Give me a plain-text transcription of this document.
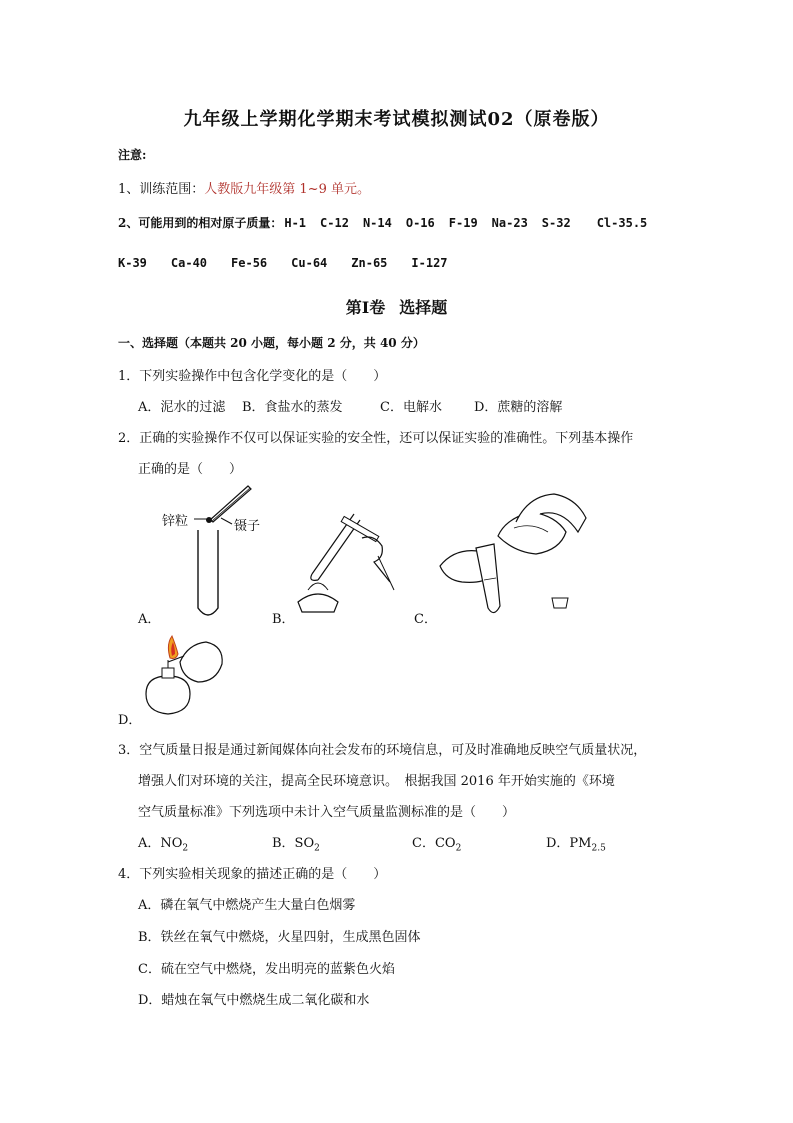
九年级上学期化学期末考试模拟测试02（原卷版）
注意:
1、训练范围：人教版九年级第 1~9 单元。
2、可能用到的相对原子质量： H-1 C-12 N-14 O-16 F-19 Na-23 S-32 Cl-35.5
K-39 Ca-40 Fe-56 Cu-64 Zn-65 I-127
第Ⅰ卷 选择题
一、选择题（本题共 20 小题，每小题 2 分，共 40 分）
1．下列实验操作中包含化学变化的是（　　）
A．泥水的过滤 B．食盐水的蒸发	C．电解水 D．蔗糖的溶解
2．正确的实验操作不仅可以保证实验的安全性，还可以保证实验的准确性。下列基本操作
正确的是（　　）
锌粒	镊子
A．	B．	C．
D．
3．空气质量日报是通过新闻媒体向社会发布的环境信息，可及时准确地反映空气质量状况，
增强人们对环境的关注，提高全民环境意识。　根据我国 2016 年开始实施的《环境
空气质量标准》下列选项中未计入空气质量监测标准的是（　　）
A．$NO_2$	B．$SO_2$	C．$CO_2$	D．$PM_{2.5}$
4．下列实验相关现象的描述正确的是（　　）
A．磷在氧气中燃烧产生大量白色烟雾
B．铁丝在氧气中燃烧，火星四射，生成黑色固体
C．硫在空气中燃烧，发出明亮的蓝紫色火焰
D．蜡烛在氧气中燃烧生成二氧化碳和水
